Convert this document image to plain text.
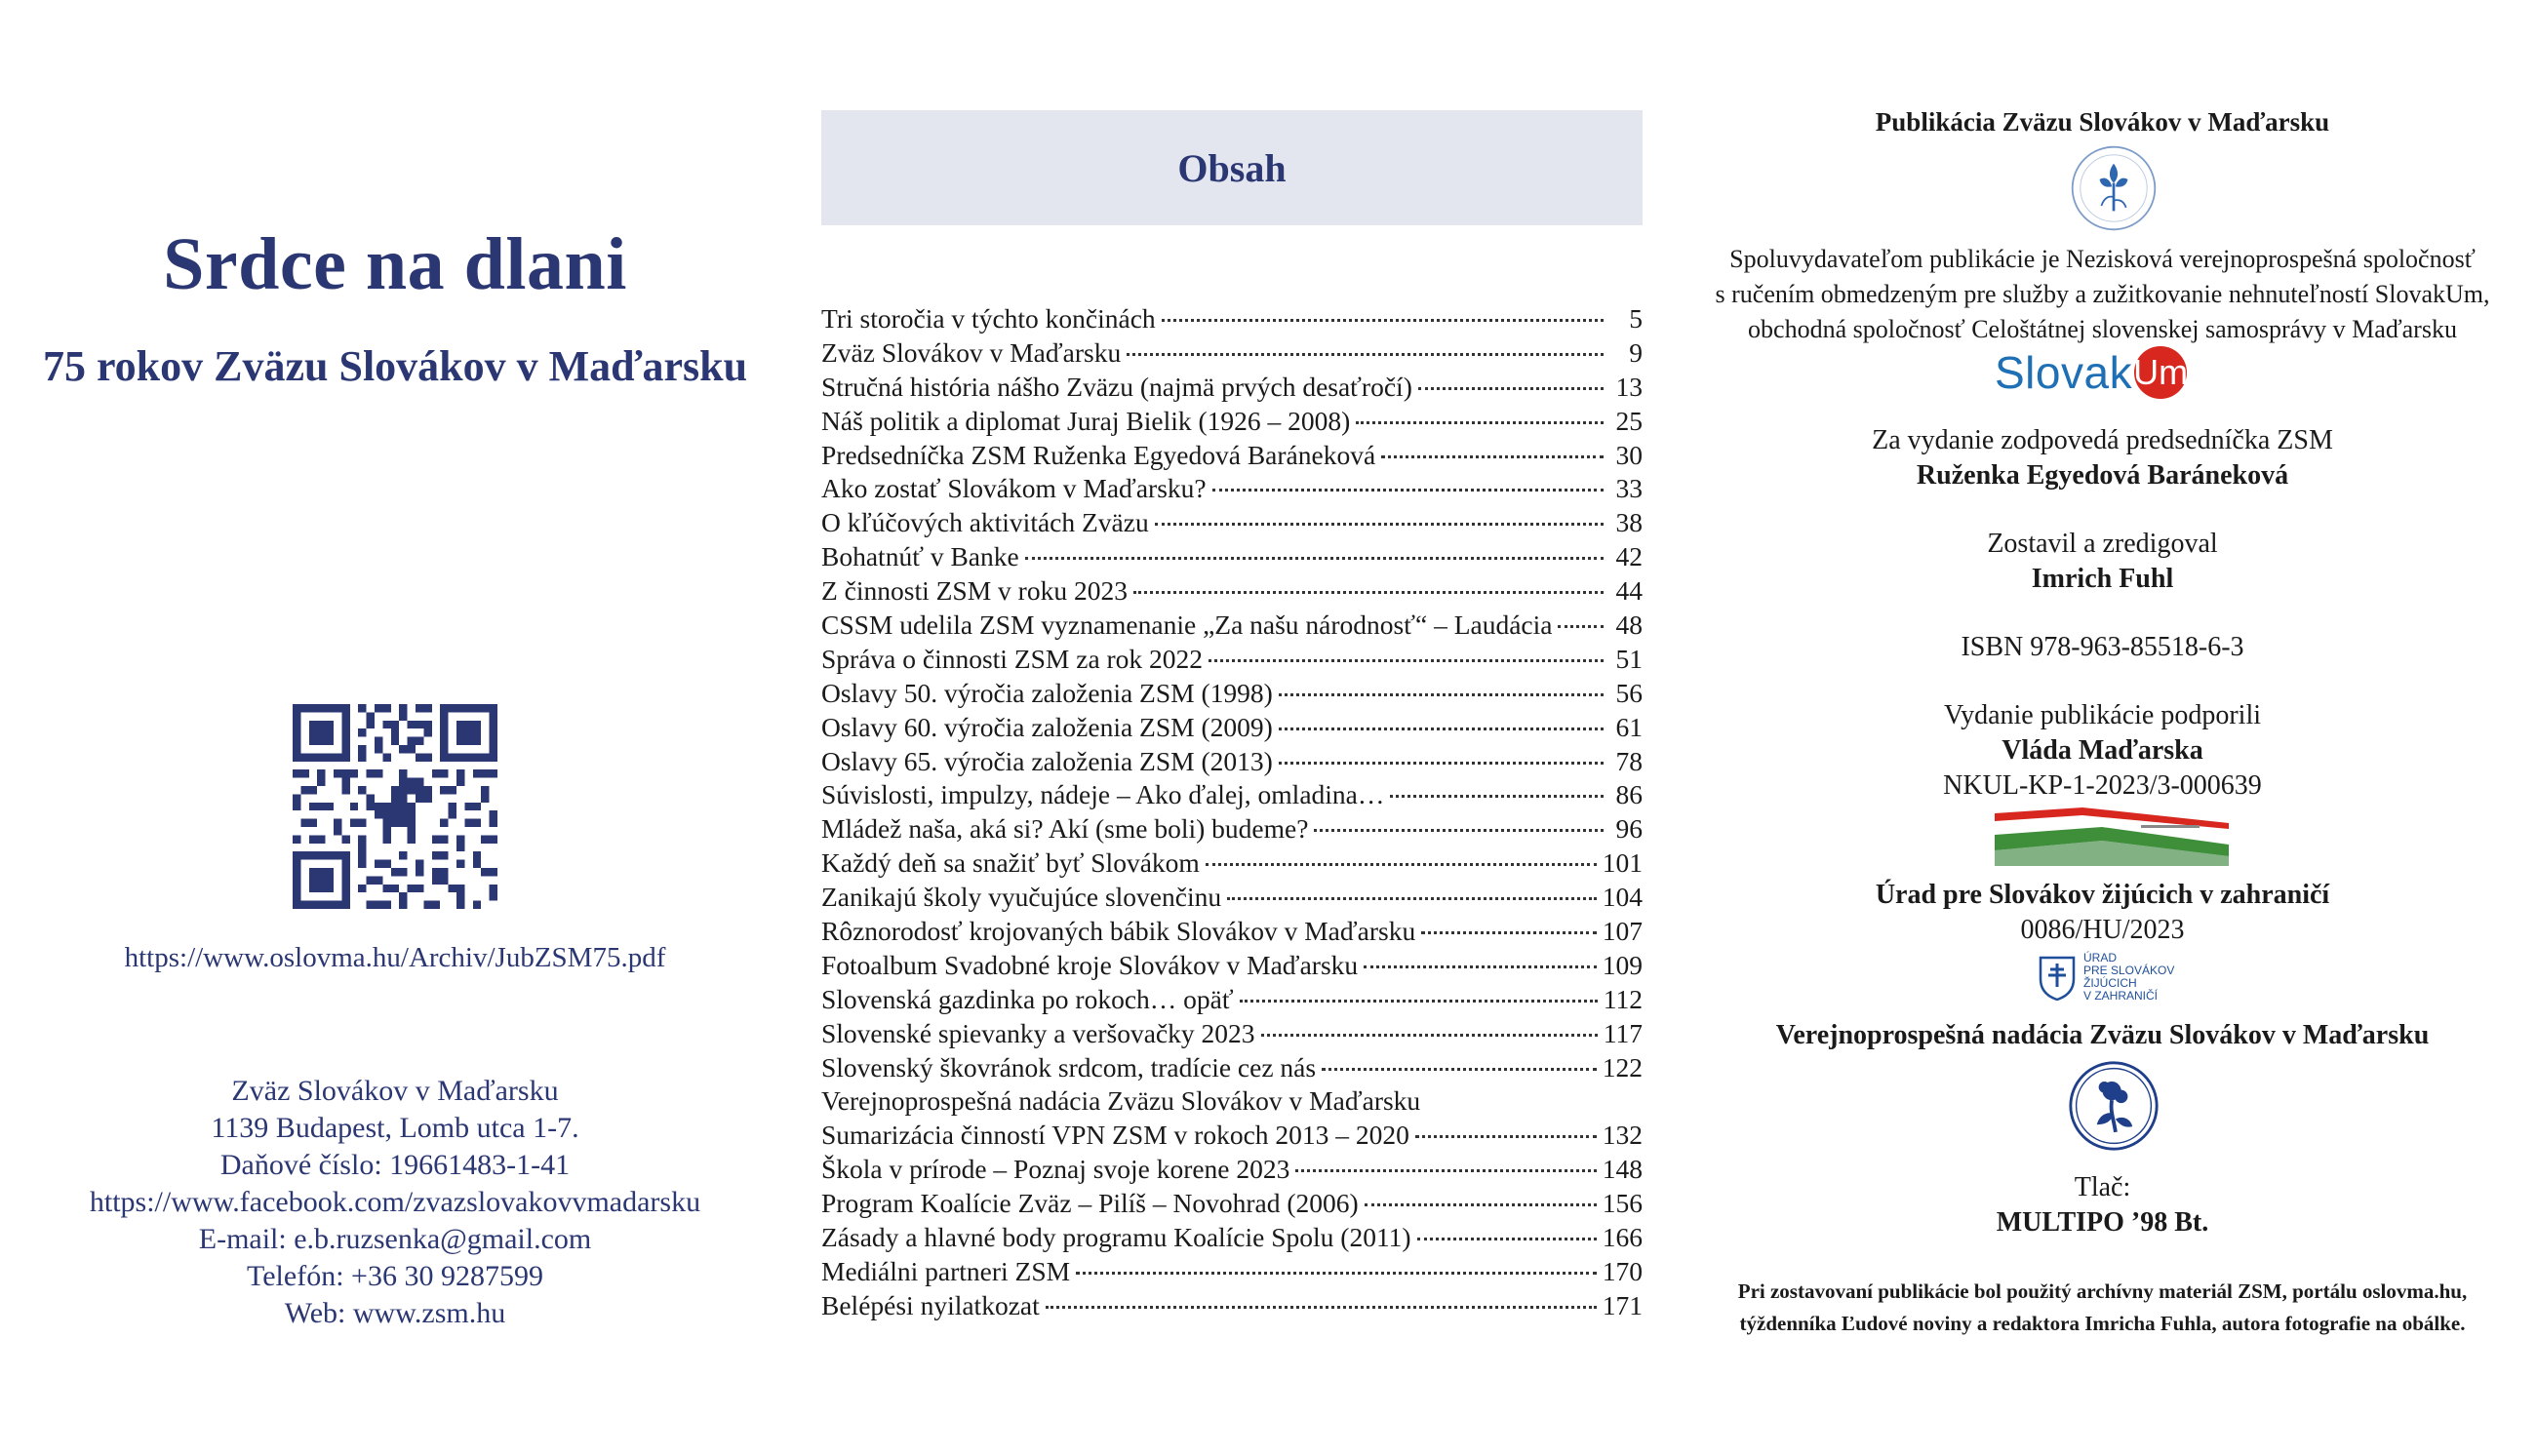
Srdce na dlani
75 rokov Zväzu Slovákov v Maďarsku
https://www.oslovma.hu/Archiv/JubZSM75.pdf
Zväz Slovákov v Maďarsku
1139 Budapest, Lomb utca 1-7.
Daňové číslo: 19661483-1-41
https://www.facebook.com/zvazslovakovvmadarsku
E-mail: e.b.ruzsenka@gmail.com
Telefón: +36 30 9287599
Web: www.zsm.hu
Obsah
Tri storočia v týchto končinách	5
Zväz Slovákov v Maďarsku	9
Stručná história nášho Zväzu (najmä prvých desaťročí)	13
Náš politik a diplomat Juraj Bielik (1926 – 2008)	25
Predsedníčka ZSM Ruženka Egyedová Baráneková	30
Ako zostať Slovákom v Maďarsku?	33
O kľúčových aktivitách Zväzu	38
Bohatnúť v Banke	42
Z činnosti ZSM v roku 2023	44
CSSM udelila ZSM vyznamenanie „Za našu národnosť“ – Laudácia 48
Správa o činnosti ZSM za rok 2022	51
Oslavy 50. výročia založenia ZSM (1998)	56
Oslavy 60. výročia založenia ZSM (2009)	61
Oslavy 65. výročia založenia ZSM (2013)	78
Súvislosti, impulzy, nádeje – Ako ďalej, omladina…	86
Mládež naša, aká si? Akí (sme boli) budeme?	96
Každý deň sa snažiť byť Slovákom	101
Zanikajú školy vyučujúce slovenčinu	104
Rôznorodosť krojovaných bábik Slovákov v Maďarsku	107
Fotoalbum Svadobné kroje Slovákov v Maďarsku	109
Slovenská gazdinka po rokoch… opäť	112
Slovenské spievanky a veršovačky 2023	117
Slovenský škovránok srdcom, tradície cez nás	122
Verejnoprospešná nadácia Zväzu Slovákov v Maďarsku
Sumarizácia činností VPN ZSM v rokoch 2013 – 2020	132
Škola v prírode – Poznaj svoje korene 2023	148
Program Koalície Zväz – Pilíš – Novohrad (2006)	156
Zásady a hlavné body programu Koalície Spolu (2011)	166
Mediálni partneri ZSM	170
Belépési nyilatkozat	171
Publikácia Zväzu Slovákov v Maďarsku
Spoluvydavateľom publikácie je Nezisková verejnoprospešná spoločnosť
s ručením obmedzeným pre služby a zužitkovanie nehnuteľností SlovakUm,
obchodná spoločnosť Celoštátnej slovenskej samosprávy v Maďarsku
Slovak Um
Za vydanie zodpovedá predsedníčka ZSM
Ruženka Egyedová Baráneková
Zostavil a zredigoval
Imrich Fuhl
ISBN 978-963-85518-6-3
Vydanie publikácie podporili
Vláda Maďarska
NKUL-KP-1-2023/3-000639
Úrad pre Slovákov žijúcich v zahraničí
0086/HU/2023
ÚRAD
PRE SLOVÁKOV
ŽIJÚCICH
V ZAHRANIČÍ
Verejnoprospešná nadácia Zväzu Slovákov v Maďarsku
Tlač:
MULTIPO ’98 Bt.
Pri zostavovaní publikácie bol použitý archívny materiál ZSM, portálu oslovma.hu,
týždenníka Ľudové noviny a redaktora Imricha Fuhla, autora fotografie na obálke.
